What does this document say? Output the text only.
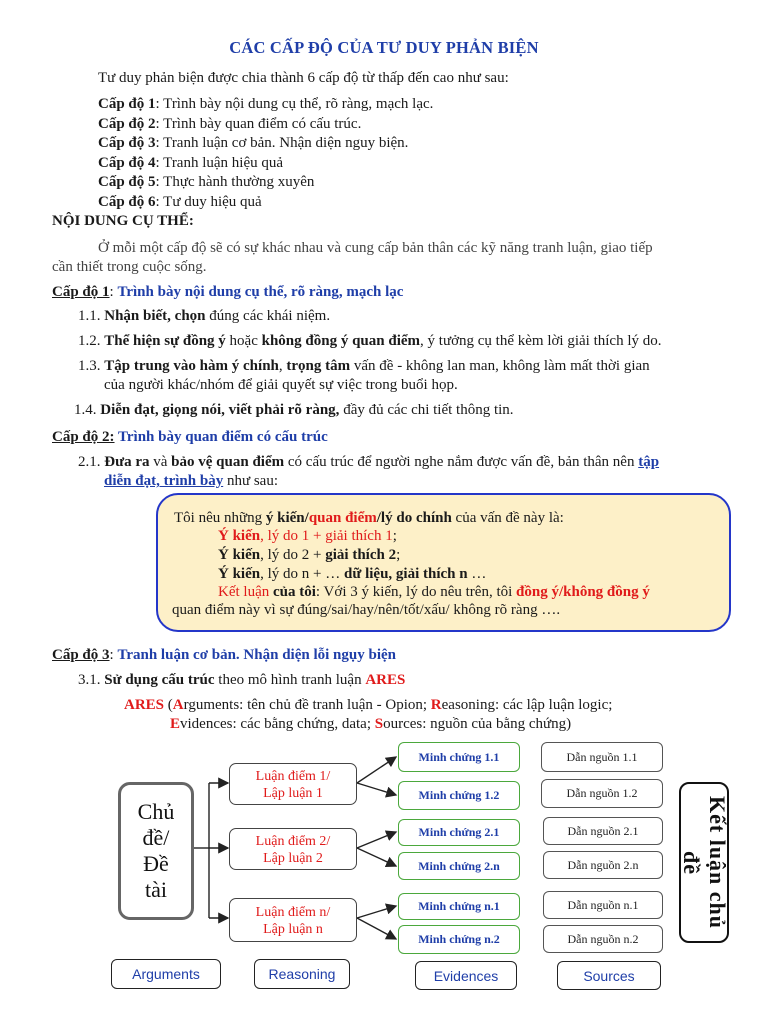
CÁC CẤP ĐỘ CỦA TƯ DUY PHẢN BIỆN
Tư duy phản biện được chia thành 6 cấp độ từ thấp đến cao như sau:
Cấp độ 1: Trình bày nội dung cụ thể, rõ ràng, mạch lạc.
Cấp độ 2: Trình bày quan điểm có cấu trúc.
Cấp độ 3: Tranh luận cơ bản. Nhận diện nguy biện.
Cấp độ 4: Tranh luận hiệu quả
Cấp độ 5: Thực hành thường xuyên
Cấp độ 6: Tư duy hiệu quả
NỘI DUNG CỤ THỂ:
Ở mỗi một cấp độ sẽ có sự khác nhau và cung cấp bản thân các kỹ năng tranh luận, giao tiếp
cần thiết trong cuộc sống.
Cấp độ 1: Trình bày nội dung cụ thể, rõ ràng, mạch lạc
1.1. Nhận biết, chọn đúng các khái niệm.
1.2. Thể hiện sự đồng ý hoặc không đồng ý quan điểm, ý tưởng cụ thể kèm lời giải thích lý do.
1.3. Tập trung vào hàm ý chính, trọng tâm vấn đề - không lan man, không làm mất thời gian
của người khác/nhóm để giải quyết sự việc trong buổi họp.
1.4. Diễn đạt, giọng nói, viết phải rõ ràng, đầy đủ các chi tiết thông tin.
Cấp độ 2: Trình bày quan điểm có cấu trúc
2.1. Đưa ra và bảo vệ quan điểm có cấu trúc để người nghe nắm được vấn đề, bản thân nên tập
diễn đạt, trình bày như sau:
Tôi nêu những ý kiến/quan điểm/lý do chính của vấn đề này là:
Ý kiến, lý do 1 + giải thích 1;
Ý kiến, lý do 2 + giải thích 2;
Ý kiến, lý do n + … dữ liệu, giải thích n …
Kết luận của tôi: Với 3 ý kiến, lý do nêu trên, tôi đồng ý/không đồng ý
quan điểm này vì sự đúng/sai/hay/nên/tốt/xấu/ không rõ ràng ….
Cấp độ 3: Tranh luận cơ bản. Nhận diện lỗi ngụy biện
3.1. Sử dụng cấu trúc theo mô hình tranh luận ARES
ARES (Arguments: tên chủ đề tranh luận - Opion; Reasoning: các lập luận logic;
Evidences: các bằng chứng, data; Sources: nguồn của bằng chứng)
Chủ
đề/
Đề
tài
Luận điểm 1/
Lập luận 1
Luận điểm 2/
Lập luận 2
Luận điểm n/
Lập luận n
Minh chứng 1.1
Minh chứng 1.2
Minh chứng 2.1
Minh chứng 2.n
Minh chứng n.1
Minh chứng n.2
Dẫn nguồn 1.1
Dẫn nguồn 1.2
Dẫn nguồn 2.1
Dẫn nguồn 2.n
Dẫn nguồn n.1
Dẫn nguồn n.2
Kết luận chủ đề
Arguments	Reasoning	Evidences	Sources
